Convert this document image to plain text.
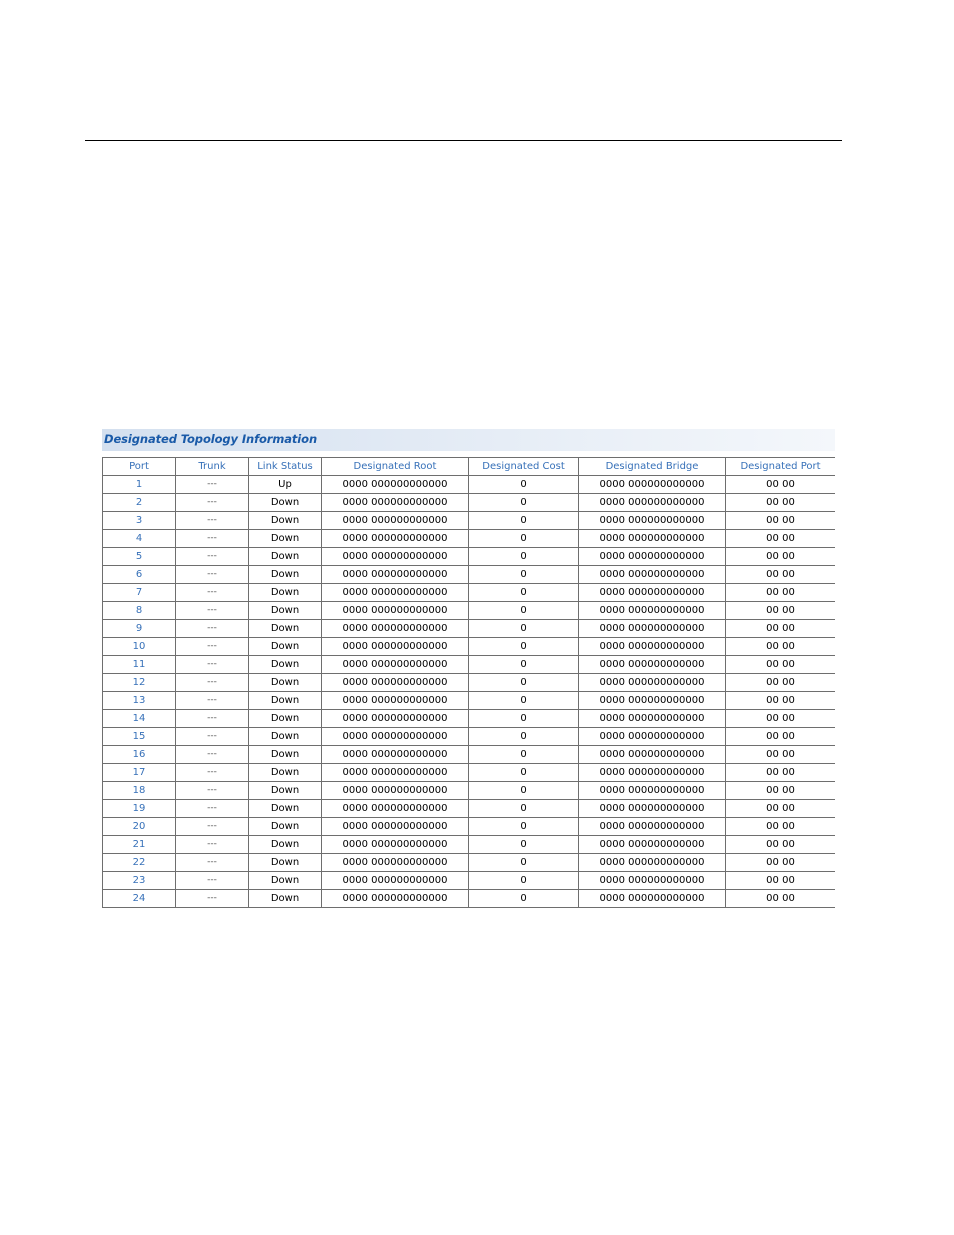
Designated Topology Information
Port	Trunk	Link Status	Designated Root	Designated Cost	Designated Bridge	Designated Port
1	---	Up	0000 000000000000	0	0000 000000000000	00 00
2	---	Down	0000 000000000000	0	0000 000000000000	00 00
3	---	Down	0000 000000000000	0	0000 000000000000	00 00
4	---	Down	0000 000000000000	0	0000 000000000000	00 00
5	---	Down	0000 000000000000	0	0000 000000000000	00 00
6	---	Down	0000 000000000000	0	0000 000000000000	00 00
7	---	Down	0000 000000000000	0	0000 000000000000	00 00
8	---	Down	0000 000000000000	0	0000 000000000000	00 00
9	---	Down	0000 000000000000	0	0000 000000000000	00 00
10	---	Down	0000 000000000000	0	0000 000000000000	00 00
11	---	Down	0000 000000000000	0	0000 000000000000	00 00
12	---	Down	0000 000000000000	0	0000 000000000000	00 00
13	---	Down	0000 000000000000	0	0000 000000000000	00 00
14	---	Down	0000 000000000000	0	0000 000000000000	00 00
15	---	Down	0000 000000000000	0	0000 000000000000	00 00
16	---	Down	0000 000000000000	0	0000 000000000000	00 00
17	---	Down	0000 000000000000	0	0000 000000000000	00 00
18	---	Down	0000 000000000000	0	0000 000000000000	00 00
19	---	Down	0000 000000000000	0	0000 000000000000	00 00
20	---	Down	0000 000000000000	0	0000 000000000000	00 00
21	---	Down	0000 000000000000	0	0000 000000000000	00 00
22	---	Down	0000 000000000000	0	0000 000000000000	00 00
23	---	Down	0000 000000000000	0	0000 000000000000	00 00
24	---	Down	0000 000000000000	0	0000 000000000000	00 00
